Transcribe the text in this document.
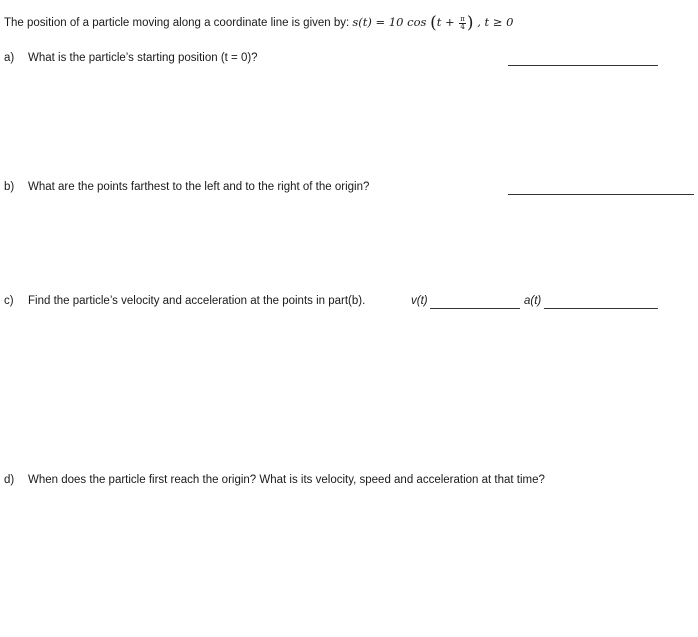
The position of a particle moving along a coordinate line is given by: s(t) = 10 $\cos (t + \frac{\pi}{4}$ ) , t ≥ 0
a) What is the particle’s starting position (t = 0)?
b) What are the points farthest to the left and to the right of the origin?
c) Find the particle’s velocity and acceleration at the points in part(b).	v(t)	a(t)
d) When does the particle first reach the origin? What is its velocity, speed and acceleration at that time?
